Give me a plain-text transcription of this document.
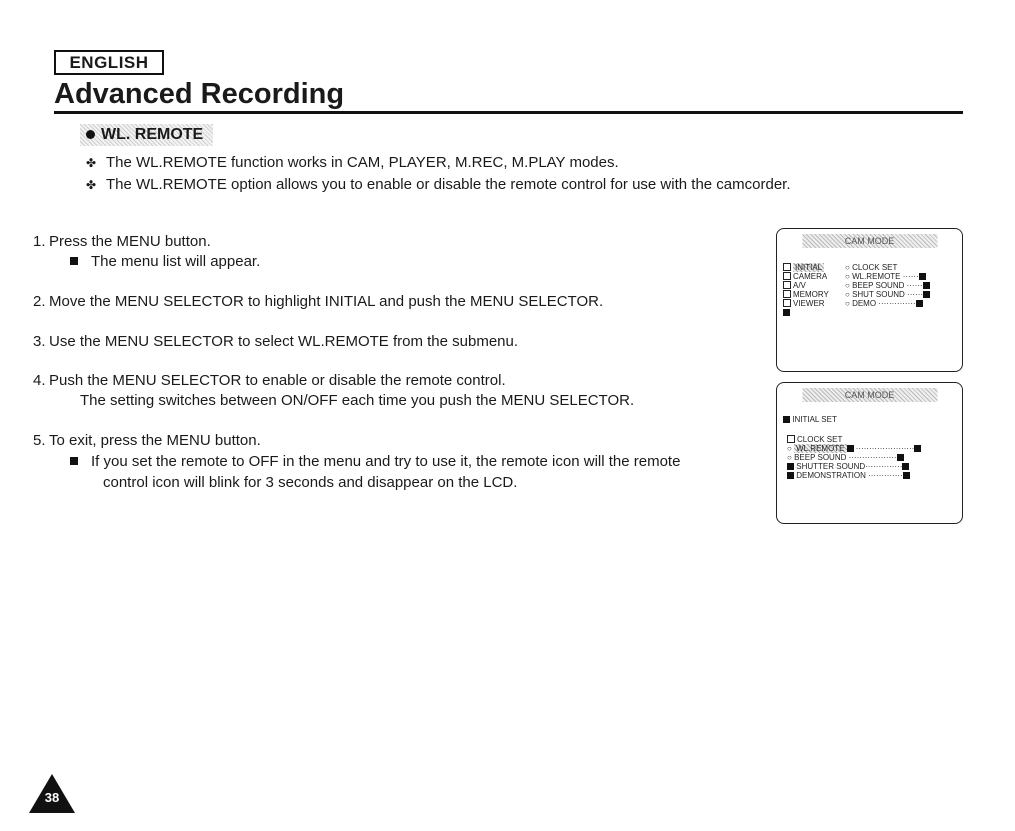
ENGLISH
Advanced Recording
WL. REMOTE
✤ The WL.REMOTE function works in CAM, PLAYER, M.REC, M.PLAY modes.
✤ The WL.REMOTE option allows you to enable or disable the remote control for use with the camcorder.
1. Press the MENU button.
The menu list will appear.
2. Move the MENU SELECTOR to highlight INITIAL and push the MENU SELECTOR.
3. Use the MENU SELECTOR to select WL.REMOTE from the submenu.
4. Push the MENU SELECTOR to enable or disable the remote control.
The setting switches between ON/OFF each time you push the MENU SELECTOR.
5. To exit, press the MENU button.
If you set the remote to OFF in the menu and try to use it, the remote icon will the remote
control icon will blink for 3 seconds and disappear on the LCD.
CAM MODE
INITIAL
CAMERA
A/V
MEMORY
VIEWER
○ CLOCK SET
○ WL.REMOTE ······
○ BEEP SOUND ······
○ SHUT SOUND ······
○ DEMO ··············
CAM MODE
INITIAL SET
CLOCK SET
○ WL.REMOTE ······················
○ BEEP SOUND ··················
SHUTTER SOUND··············
DEMONSTRATION ·············
38
